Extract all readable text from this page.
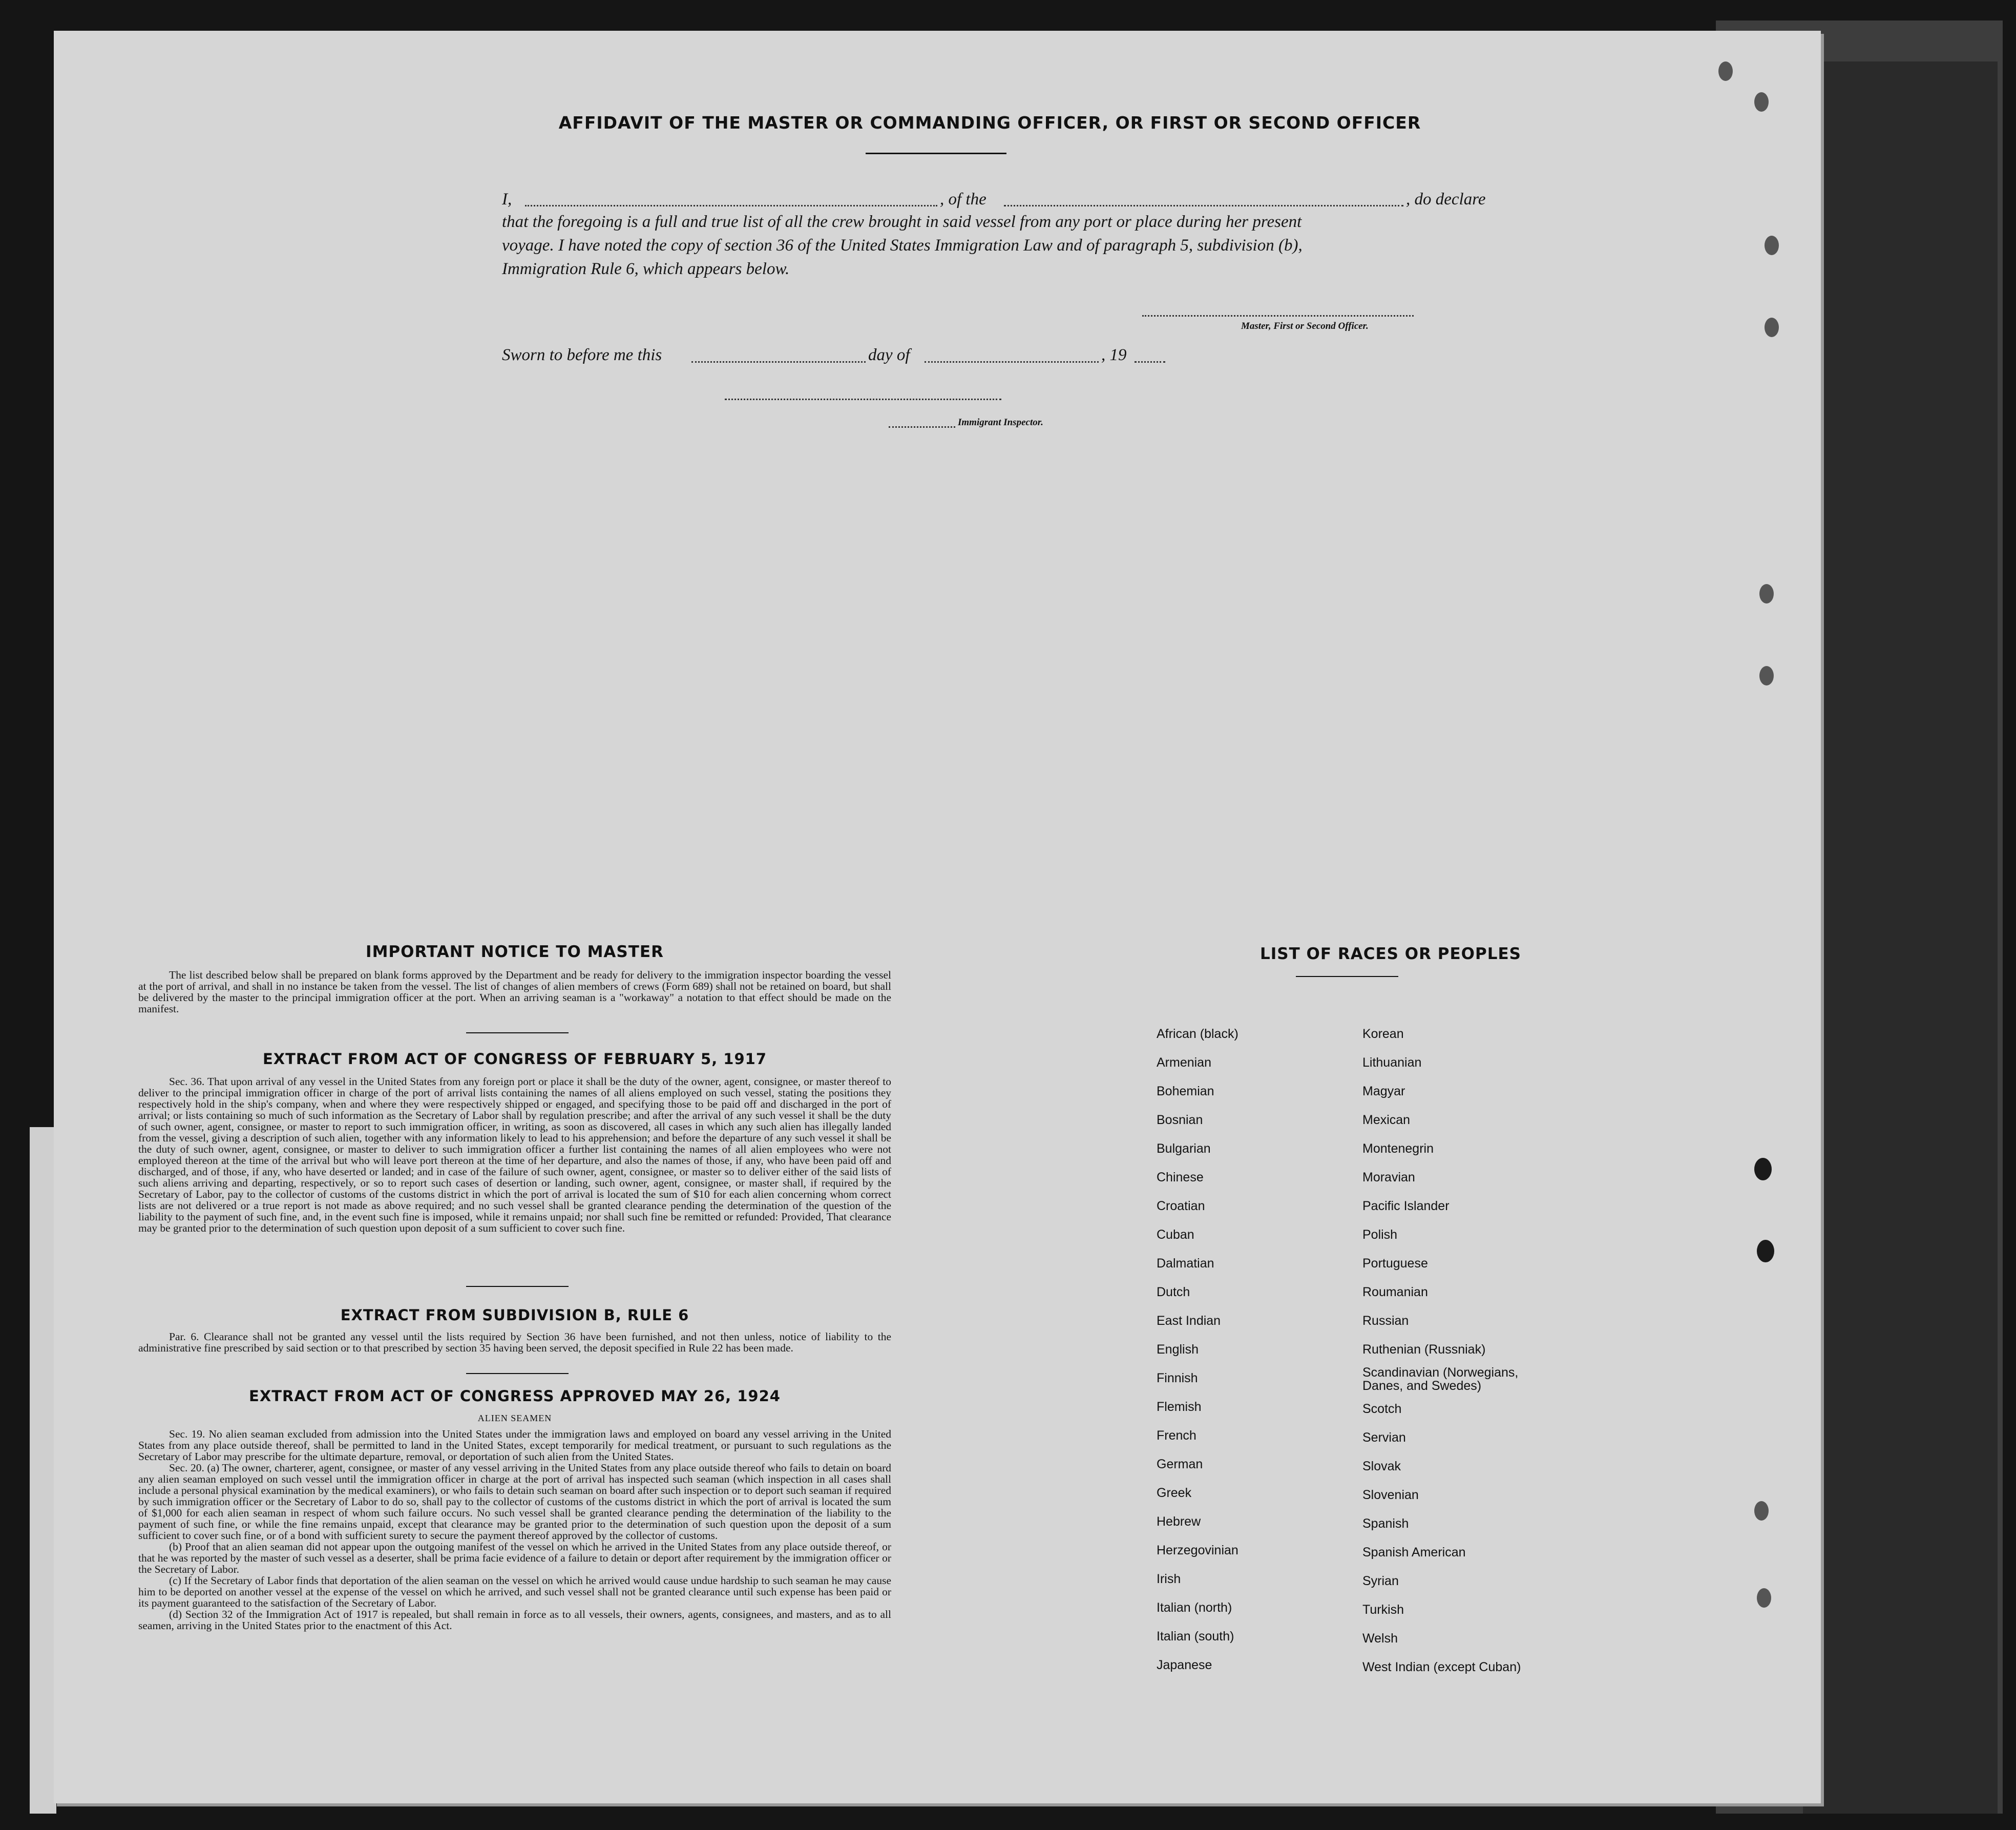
AFFIDAVIT OF THE MASTER OR COMMANDING OFFICER, OR FIRST OR SECOND OFFICER
I,	, of the	, do declare
that the foregoing is a full and true list of all the crew brought in said vessel from any port or place during her present
voyage. I have noted the copy of section 36 of the United States Immigration Law and of paragraph 5, subdivision (b),
Immigration Rule 6, which appears below.
Master, First or Second Officer.
Sworn to before me this	day of	, 19
Immigrant Inspector.
IMPORTANT NOTICE TO MASTER

The list described below shall be prepared on blank forms approved by the Department and be ready for delivery to the immigration inspector boarding the vessel at the port of arrival, and shall in no instance be taken from the vessel. The list of changes of alien members of crews (Form 689) shall not be retained on board, but shall be delivered by the master to the principal immigration officer at the port. When an arriving seaman is a "workaway" a notation to that effect should be made on the manifest.

EXTRACT FROM ACT OF CONGRESS OF FEBRUARY 5, 1917

Sec. 36. That upon arrival of any vessel in the United States from any foreign port or place it shall be the duty of the owner, agent, consignee, or master thereof to deliver to the principal immigration officer in charge of the port of arrival lists containing the names of all aliens employed on such vessel, stating the positions they respectively hold in the ship's company, when and where they were respectively shipped or engaged, and specifying those to be paid off and discharged in the port of arrival; or lists containing so much of such information as the Secretary of Labor shall by regulation prescribe; and after the arrival of any such vessel it shall be the duty of such owner, agent, consignee, or master to report to such immigration officer, in writing, as soon as discovered, all cases in which any such alien has illegally landed from the vessel, giving a description of such alien, together with any information likely to lead to his apprehension; and before the departure of any such vessel it shall be the duty of such owner, agent, consignee, or master to deliver to such immigration officer a further list containing the names of all alien employees who were not employed thereon at the time of the arrival but who will leave port thereon at the time of her departure, and also the names of those, if any, who have been paid off and discharged, and of those, if any, who have deserted or landed; and in case of the failure of such owner, agent, consignee, or master so to deliver either of the said lists of such aliens arriving and departing, respectively, or so to report such cases of desertion or landing, such owner, agent, consignee, or master shall, if required by the Secretary of Labor, pay to the collector of customs of the customs district in which the port of arrival is located the sum of $10 for each alien concerning whom correct lists are not delivered or a true report is not made as above required; and no such vessel shall be granted clearance pending the determination of the question of the liability to the payment of such fine, and, in the event such fine is imposed, while it remains unpaid; nor shall such fine be remitted or refunded: Provided, That clearance may be granted prior to the determination of such question upon deposit of a sum sufficient to cover such fine.

EXTRACT FROM SUBDIVISION B, RULE 6

Par. 6. Clearance shall not be granted any vessel until the lists required by Section 36 have been furnished, and not then unless, notice of liability to the administrative fine prescribed by said section or to that prescribed by section 35 having been served, the deposit specified in Rule 22 has been made.

EXTRACT FROM ACT OF CONGRESS APPROVED MAY 26, 1924
ALIEN SEAMEN

Sec. 19. No alien seaman excluded from admission into the United States under the immigration laws and employed on board any vessel arriving in the United States from any place outside thereof, shall be permitted to land in the United States, except temporarily for medical treatment, or pursuant to such regulations as the Secretary of Labor may prescribe for the ultimate departure, removal, or deportation of such alien from the United States.

Sec. 20. (a) The owner, charterer, agent, consignee, or master of any vessel arriving in the United States from any place outside thereof who fails to detain on board any alien seaman employed on such vessel until the immigration officer in charge at the port of arrival has inspected such seaman (which inspection in all cases shall include a personal physical examination by the medical examiners), or who fails to detain such seaman on board after such inspection or to deport such seaman if required by such immigration officer or the Secretary of Labor to do so, shall pay to the collector of customs of the customs district in which the port of arrival is located the sum of $1,000 for each alien seaman in respect of whom such failure occurs. No such vessel shall be granted clearance pending the determination of the liability to the payment of such fine, or while the fine remains unpaid, except that clearance may be granted prior to the determination of such question upon the deposit of a sum sufficient to cover such fine, or of a bond with sufficient surety to secure the payment thereof approved by the collector of customs.

(b) Proof that an alien seaman did not appear upon the outgoing manifest of the vessel on which he arrived in the United States from any place outside thereof, or that he was reported by the master of such vessel as a deserter, shall be prima facie evidence of a failure to detain or deport after requirement by the immigration officer or the Secretary of Labor.

(c) If the Secretary of Labor finds that deportation of the alien seaman on the vessel on which he arrived would cause undue hardship to such seaman he may cause him to be deported on another vessel at the expense of the vessel on which he arrived, and such vessel shall not be granted clearance until such expense has been paid or its payment guaranteed to the satisfaction of the Secretary of Labor.

(d) Section 32 of the Immigration Act of 1917 is repealed, but shall remain in force as to all vessels, their owners, agents, consignees, and masters, and as to all seamen, arriving in the United States prior to the enactment of this Act.

LIST OF RACES OR PEOPLES
African (black)
Armenian
Bohemian
Bosnian
Bulgarian
Chinese
Croatian
Cuban
Dalmatian
Dutch
East Indian
English
Finnish
Flemish
French
German
Greek
Hebrew
Herzegovinian
Irish
Italian (north)
Italian (south)
Japanese
Korean
Lithuanian
Magyar
Mexican
Montenegrin
Moravian
Pacific Islander
Polish
Portuguese
Roumanian
Russian
Ruthenian (Russniak)
Scandinavian (Norwegians, Danes, and Swedes)
Scotch
Servian
Slovak
Slovenian
Spanish
Spanish American
Syrian
Turkish
Welsh
West Indian (except Cuban)
